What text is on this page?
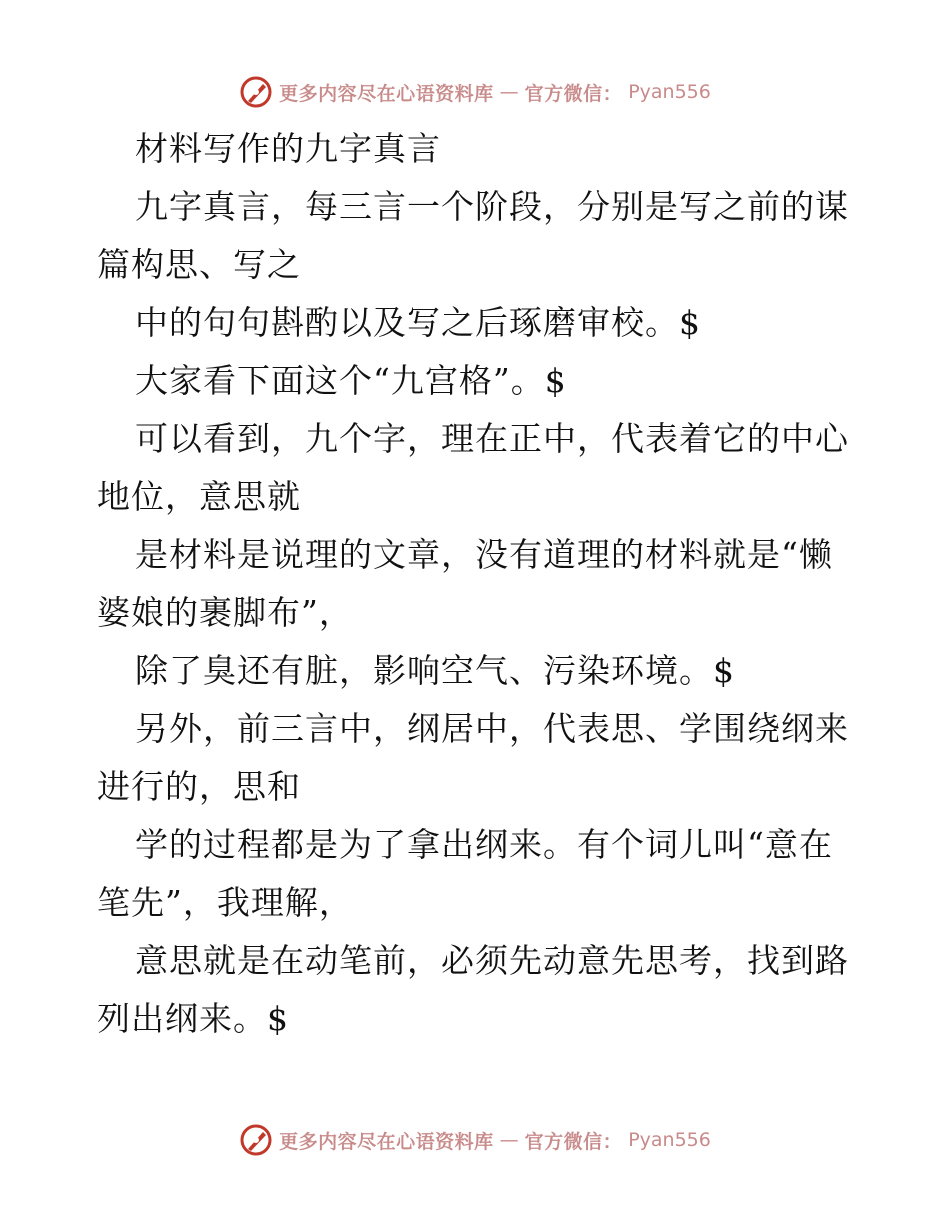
更多内容尽在心语资料库 — 官方微信： Pyan556
材料写作的九字真言
九字真言，每三言一个阶段，分别是写之前的谋
篇构思、写之
中的句句斟酌以及写之后琢磨审校。$
大家看下面这个“九宫格”。$
可以看到，九个字，理在正中，代表着它的中心
地位，意思就
是材料是说理的文章，没有道理的材料就是“懒
婆娘的裹脚布”，
除了臭还有脏，影响空气、污染环境。$
另外，前三言中，纲居中，代表思、学围绕纲来
进行的，思和
学的过程都是为了拿出纲来。有个词儿叫“意在
笔先”，我理解，
意思就是在动笔前，必须先动意先思考，找到路
列出纲来。$
更多内容尽在心语资料库 — 官方微信： Pyan556
